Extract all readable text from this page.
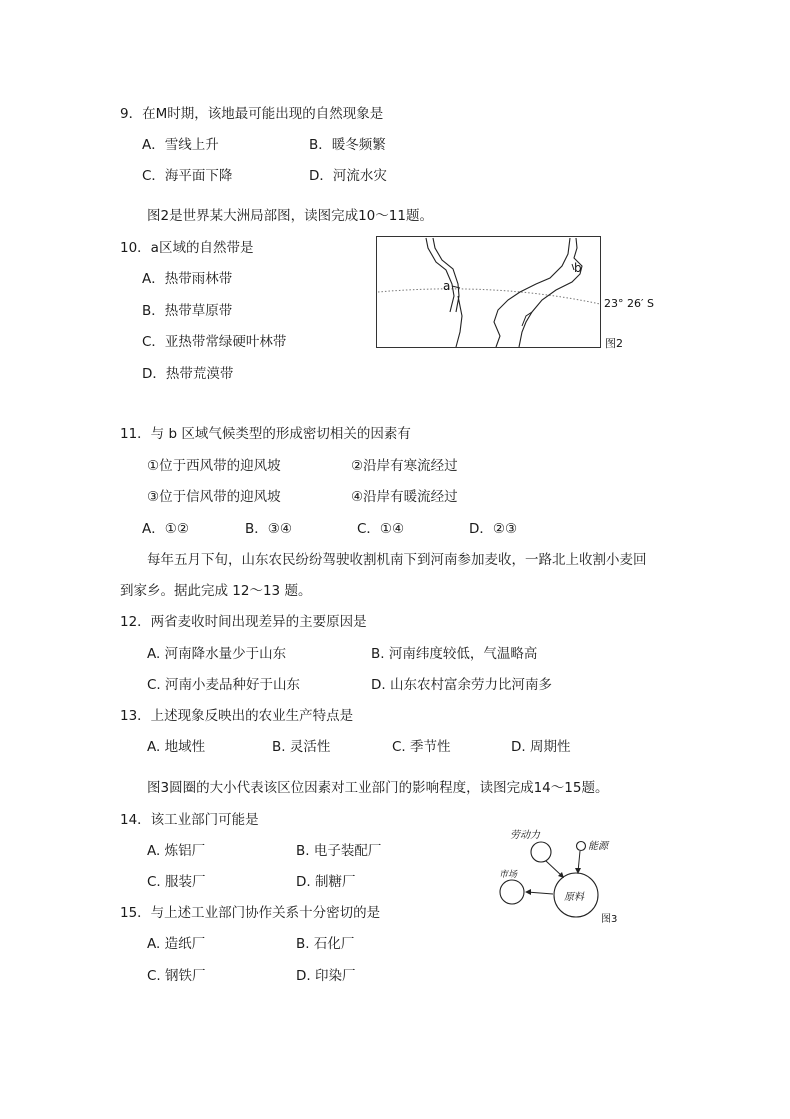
9．在M时期，该地最可能出现的自然现象是
A．雪线上升	B．暖冬频繁
C．海平面下降	D．河流水灾
图2是世界某大洲局部图，读图完成10～11题。
10．a区域的自然带是
A．热带雨林带
B．热带草原带
C．亚热带常绿硬叶林带
D．热带荒漠带
a
b
23° 26′ S
图2
11．与 b 区域气候类型的形成密切相关的因素有
①位于西风带的迎风坡	②沿岸有寒流经过
③位于信风带的迎风坡	④沿岸有暖流经过
A．①②	B．③④	C．①④	D．②③
每年五月下旬，山东农民纷纷驾驶收割机南下到河南参加麦收，一路北上收割小麦回
到家乡。据此完成 12～13 题。
12．两省麦收时间出现差异的主要原因是
A. 河南降水量少于山东	B. 河南纬度较低，气温略高
C. 河南小麦品种好于山东	D. 山东农村富余劳力比河南多
13．上述现象反映出的农业生产特点是
A. 地域性	B. 灵活性	C. 季节性	D. 周期性
图3圆圈的大小代表该区位因素对工业部门的影响程度，读图完成14～15题。
14．该工业部门可能是
A. 炼铝厂	B. 电子装配厂
C. 服装厂	D. 制糖厂
劳动力
能源
市场
原料
图3
15．与上述工业部门协作关系十分密切的是
A. 造纸厂	B. 石化厂
C. 钢铁厂	D. 印染厂
